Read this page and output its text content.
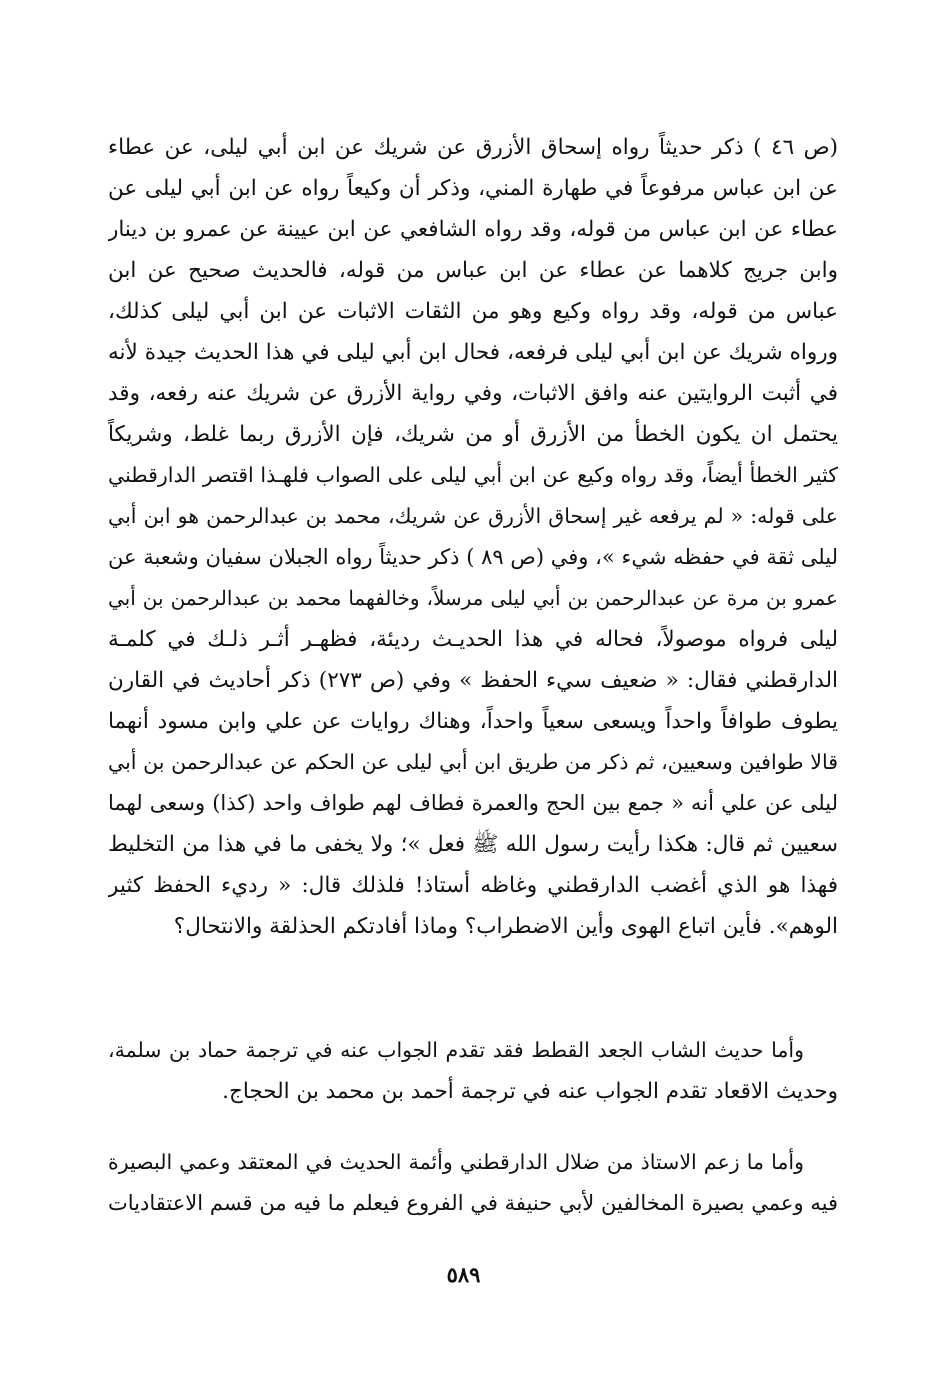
(ص ٤٦ ) ذكر حديثاً رواه إسحاق الأزرق عن شريك عن ابن أبي ليلى، عن عطاء
عن ابن عباس مرفوعاً في طهارة المني، وذكر أن وكيعاً رواه عن ابن أبي ليلى عن
عطاء عن ابن عباس من قوله، وقد رواه الشافعي عن ابن عيينة عن عمرو بن دينار
وابن جريج كلاهما عن عطاء عن ابن عباس من قوله، فالحديث صحيح عن ابن
عباس من قوله، وقد رواه وكيع وهو من الثقات الاثبات عن ابن أبي ليلى كذلك،
ورواه شريك عن ابن أبي ليلى فرفعه، فحال ابن أبي ليلى في هذا الحديث جيدة لأنه
في أثبت الروايتين عنه وافق الاثبات، وفي رواية الأزرق عن شريك عنه رفعه، وقد
يحتمل ان يكون الخطأ من الأزرق أو من شريك، فإن الأزرق ربما غلط، وشريكاً
كثير الخطأ أيضاً، وقد رواه وكيع عن ابن أبي ليلى على الصواب فلهـذا اقتصر الدارقطني
على قوله: « لم يرفعه غير إسحاق الأزرق عن شريك، محمد بن عبدالرحمن هو ابن أبي
ليلى ثقة في حفظه شيء »، وفي (ص ٨٩ ) ذكر حديثاً رواه الجبلان سفيان وشعبة عن
عمرو بن مرة عن عبدالرحمن بن أبي ليلى مرسلاً، وخالفهما محمد بن عبدالرحمن بن أبي
ليلى فرواه موصولاً، فحاله في هذا الحديـث رديئة، فظهـر أثـر ذلـك في كلمـة
الدارقطني فقال: « ضعيف سيء الحفظ » وفي (ص ٢٧٣) ذكر أحاديث في القارن
يطوف طوافاً واحداً ويسعى سعياً واحداً، وهناك روايات عن علي وابن مسود أنهما
قالا طوافين وسعيين، ثم ذكر من طريق ابن أبي ليلى عن الحكم عن عبدالرحمن بن أبي
ليلى عن علي أنه « جمع بين الحج والعمرة فطاف لهم طواف واحد (كذا) وسعى لهما
سعيين ثم قال: هكذا رأيت رسول الله ﷺ فعل »؛ ولا يخفى ما في هذا من التخليط
فهذا هو الذي أغضب الدارقطني وغاظه أستاذ! فلذلك قال: « رديء الحفظ كثير
الوهم». فأين اتباع الهوى وأين الاضطراب؟ وماذا أفادتكم الحذلقة والانتحال؟
وأما حديث الشاب الجعد القطط فقد تقدم الجواب عنه في ترجمة حماد بن سلمة،
وحديث الاقعاد تقدم الجواب عنه في ترجمة أحمد بن محمد بن الحجاج.
وأما ما زعم الاستاذ من ضلال الدارقطني وأئمة الحديث في المعتقد وعمي البصيرة
فيه وعمي بصيرة المخالفين لأبي حنيفة في الفروع فيعلم ما فيه من قسم الاعتقاديات
٥٨٩
